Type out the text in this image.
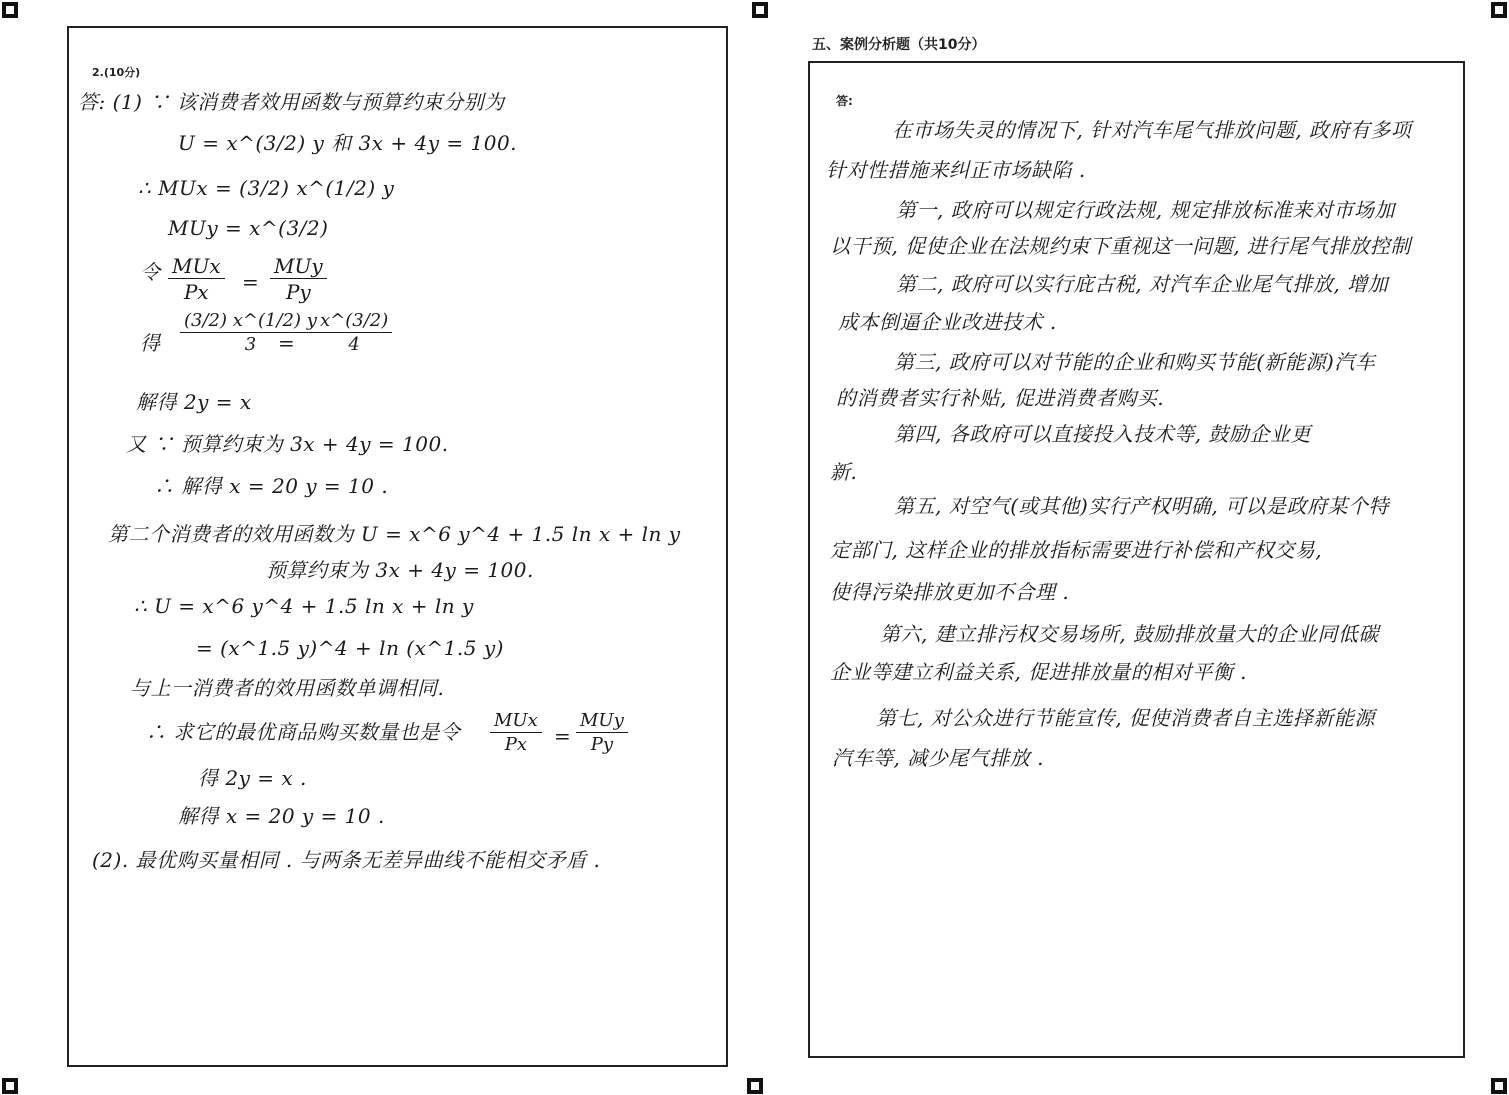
2.(10分)
答: (1) ∵ 该消费者效用函数与预算约束分别为
U = x^(3/2) y 和 3x + 4y = 100.
∴ MUx = (3/2) x^(1/2) y
MUy = x^(3/2)
令 MUx
Px	=
MUy
Py
得 $\frac{(3/2) x\^{}(1/2) y}{3}$
= $\frac{x\^{}(3/2)}{4}$
解得 2y = x
又 ∵ 预算约束为 3x + 4y = 100.
∴ 解得 x = 20 y = 10 .
第二个消费者的效用函数为 U = x^6 y^4 + 1.5 ln x + ln y
预算约束为 3x + 4y = 100.
∴ U = x^6 y^4 + 1.5 ln x + ln y
= (x^1.5 y)^4 + ln (x^1.5 y)
与上一消费者的效用函数单调相同.
∴ 求它的最优商品购买数量也是令 MUx
Px	=
MUy
Py
得 2y = x .
解得 x = 20 y = 10 .
(2). 最优购买量相同 . 与两条无差异曲线不能相交矛盾 .
五、案例分析题（共10分）
答:
在市场失灵的情况下, 针对汽车尾气排放问题, 政府有多项
针对性措施来纠正市场缺陷 .
第一, 政府可以规定行政法规, 规定排放标准来对市场加
以干预, 促使企业在法规约束下重视这一问题, 进行尾气排放控制
第二, 政府可以实行庇古税, 对汽车企业尾气排放, 增加
成本倒逼企业改进技术 .
第三, 政府可以对节能的企业和购买节能(新能源)汽车
的消费者实行补贴, 促进消费者购买.
第四, 各政府可以直接投入技术等, 鼓励企业更
新.
第五, 对空气(或其他)实行产权明确, 可以是政府某个特
定部门, 这样企业的排放指标需要进行补偿和产权交易,
使得污染排放更加不合理 .
第六, 建立排污权交易场所, 鼓励排放量大的企业同低碳
企业等建立利益关系, 促进排放量的相对平衡 .
第七, 对公众进行节能宣传, 促使消费者自主选择新能源
汽车等, 减少尾气排放 .
